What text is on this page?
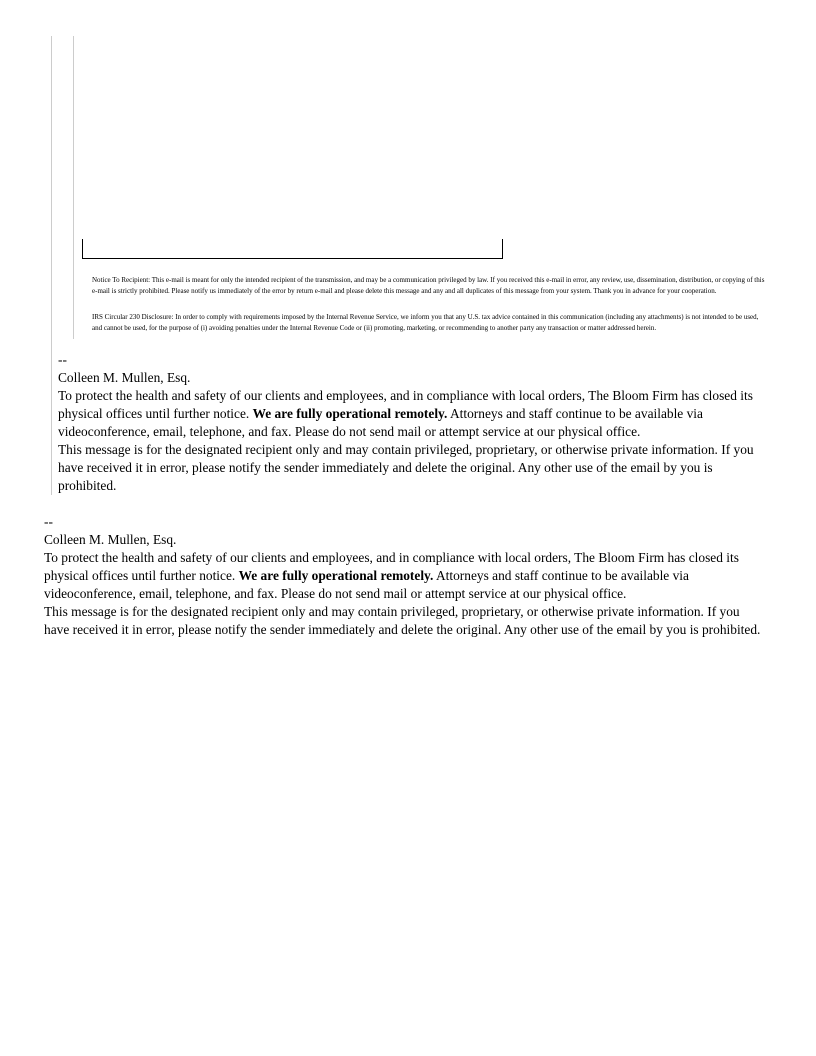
Notice To Recipient: This e-mail is meant for only the intended recipient of the transmission, and may be a communication privileged by law. If you received this e-mail in error, any review, use, dissemination, distribution, or copying of this e-mail is strictly prohibited. Please notify us immediately of the error by return e-mail and please delete this message and any and all duplicates of this message from your system. Thank you in advance for your cooperation.

IRS Circular 230 Disclosure: In order to comply with requirements imposed by the Internal Revenue Service, we inform you that any U.S. tax advice contained in this communication (including any attachments) is not intended to be used, and cannot be used, for the purpose of (i) avoiding penalties under the Internal Revenue Code or (ii) promoting, marketing, or recommending to another party any transaction or matter addressed herein.

--
Colleen M. Mullen, Esq.
To protect the health and safety of our clients and employees, and in compliance with local orders, The Bloom Firm has closed its physical offices until further notice. We are fully operational remotely. Attorneys and staff continue to be available via videoconference, email, telephone, and fax. Please do not send mail or attempt service at our physical office.
This message is for the designated recipient only and may contain privileged, proprietary, or otherwise private information. If you have received it in error, please notify the sender immediately and delete the original. Any other use of the email by you is prohibited.
--
Colleen M. Mullen, Esq.
To protect the health and safety of our clients and employees, and in compliance with local orders, The Bloom Firm has closed its physical offices until further notice. We are fully operational remotely. Attorneys and staff continue to be available via videoconference, email, telephone, and fax. Please do not send mail or attempt service at our physical office.
This message is for the designated recipient only and may contain privileged, proprietary, or otherwise private information. If you have received it in error, please notify the sender immediately and delete the original. Any other use of the email by you is prohibited.
